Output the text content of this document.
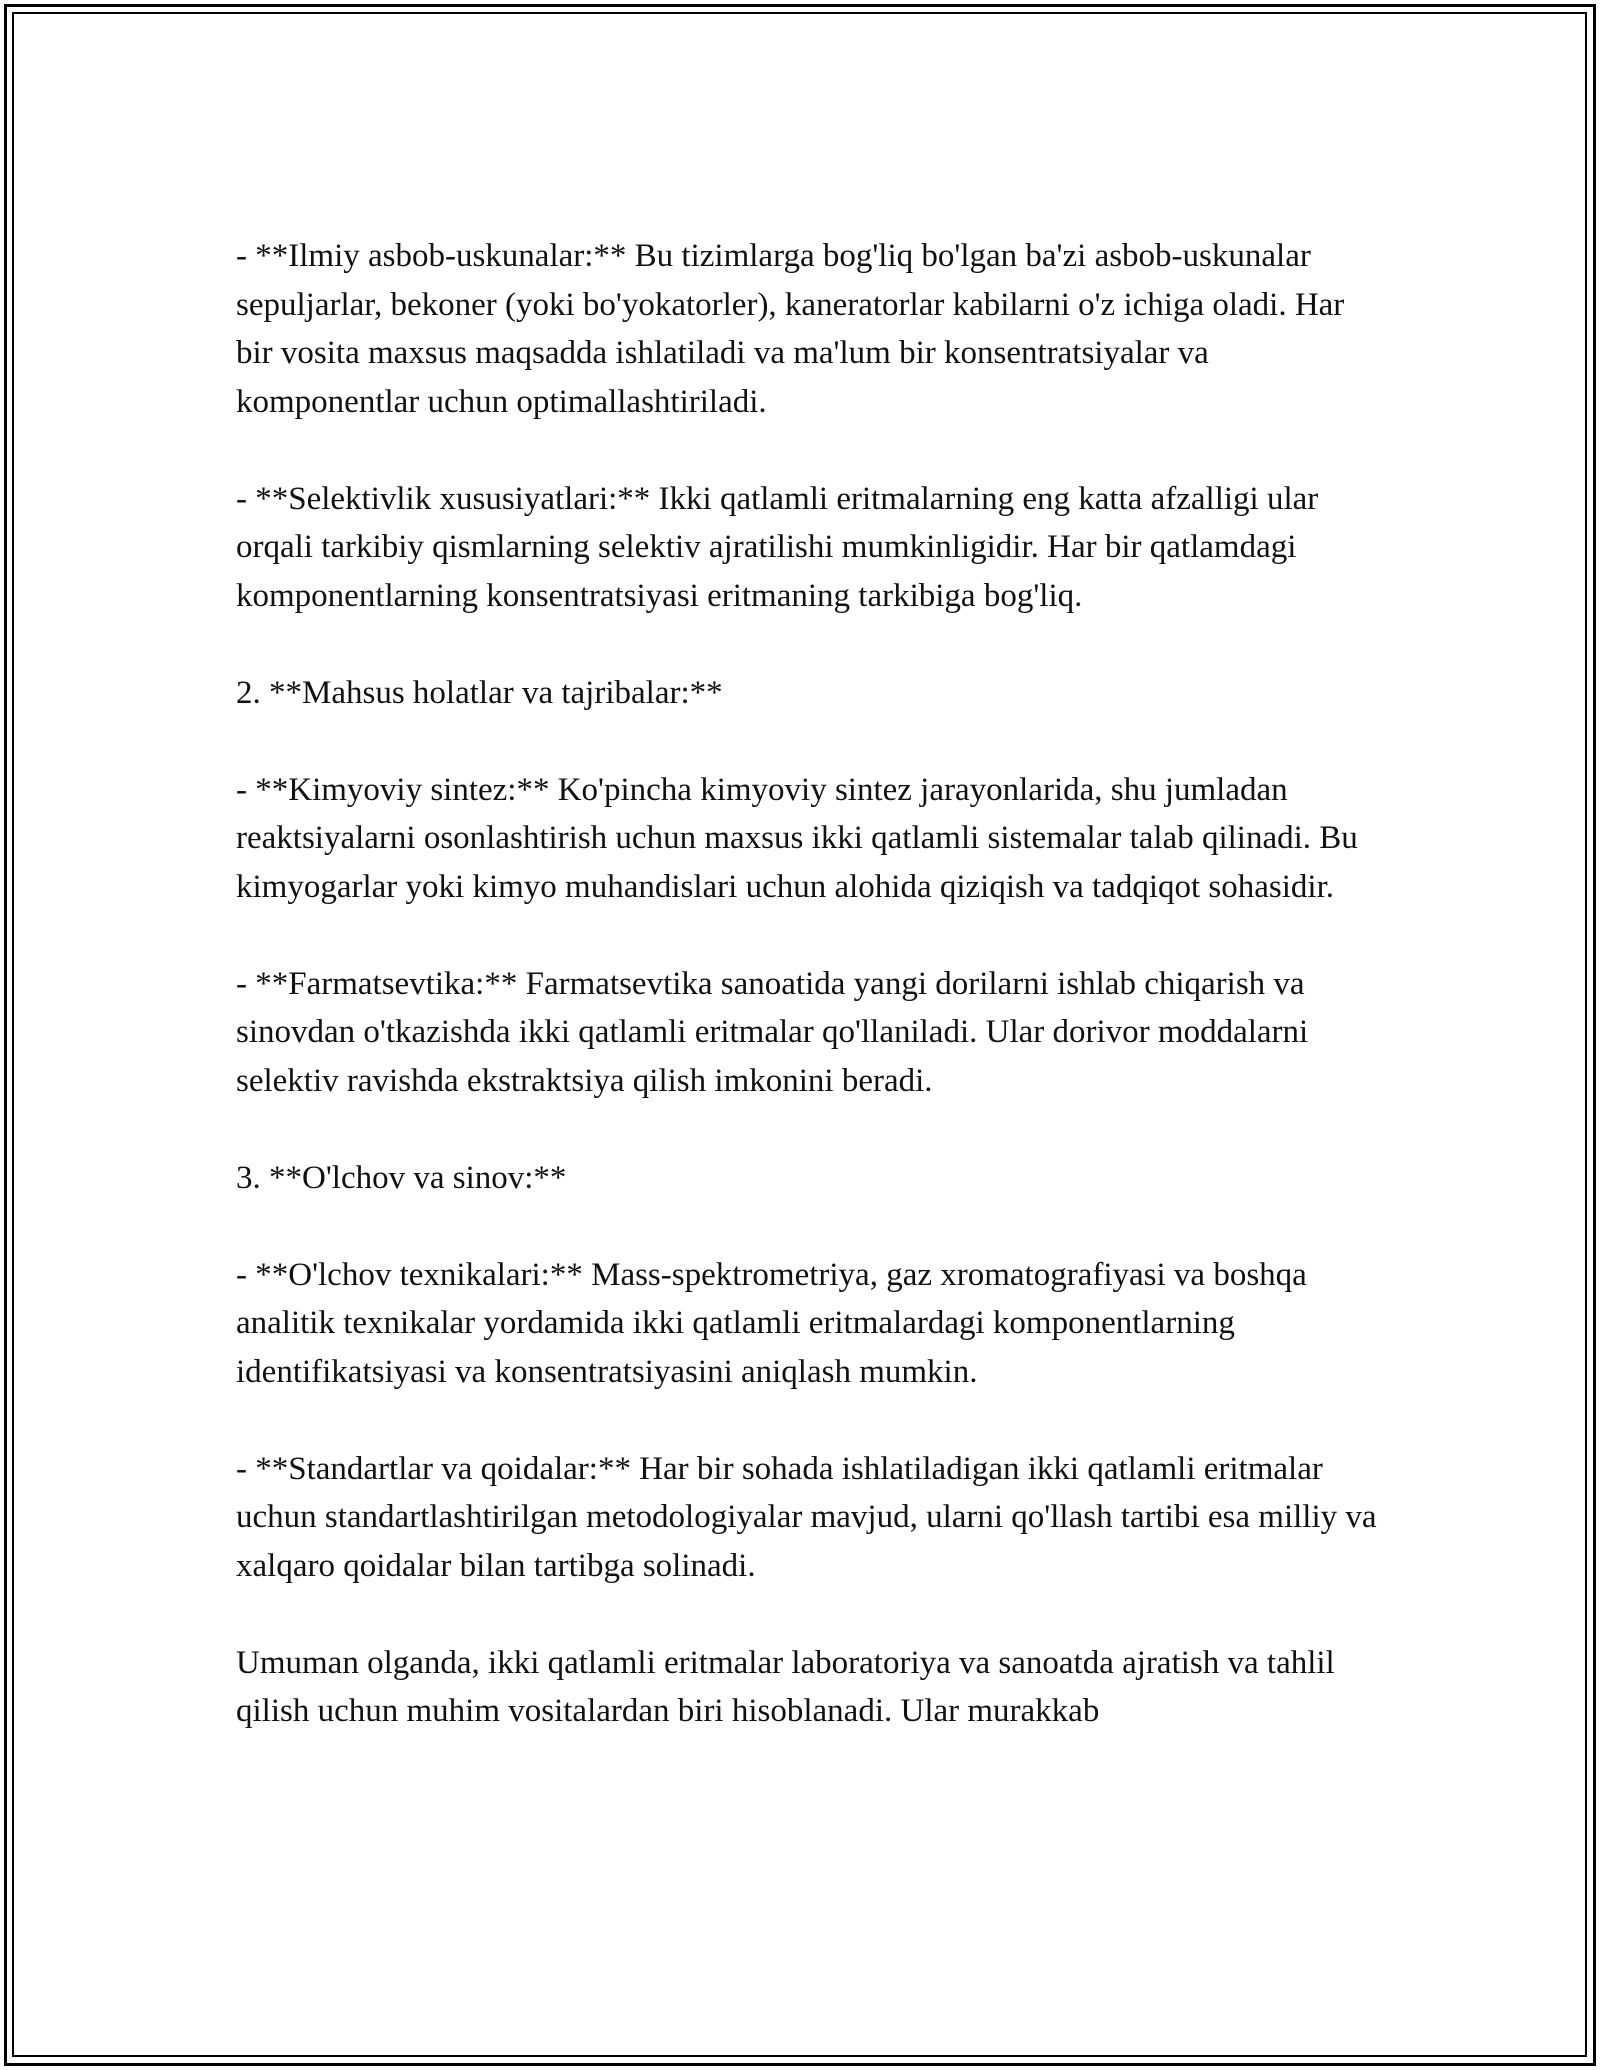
- **Ilmiy asbob-uskunalar:** Bu tizimlarga bog'liq bo'lgan ba'zi asbob-uskunalar sepuljarlar, bekoner (yoki bo'yokatorler), kaneratorlar kabilarni o'z ichiga oladi. Har bir vosita maxsus maqsadda ishlatiladi va ma'lum bir konsentratsiyalar va komponentlar uchun optimallashtiriladi.

- **Selektivlik xususiyatlari:** Ikki qatlamli eritmalarning eng katta afzalligi ular orqali tarkibiy qismlarning selektiv ajratilishi mumkinligidir. Har bir qatlamdagi komponentlarning konsentratsiyasi eritmaning tarkibiga bog'liq.

2. **Mahsus holatlar va tajribalar:**

- **Kimyoviy sintez:** Ko'pincha kimyoviy sintez jarayonlarida, shu jumladan reaktsiyalarni osonlashtirish uchun maxsus ikki qatlamli sistemalar talab qilinadi. Bu kimyogarlar yoki kimyo muhandislari uchun alohida qiziqish va tadqiqot sohasidir.

- **Farmatsevtika:** Farmatsevtika sanoatida yangi dorilarni ishlab chiqarish va sinovdan o'tkazishda ikki qatlamli eritmalar qo'llaniladi. Ular dorivor moddalarni selektiv ravishda ekstraktsiya qilish imkonini beradi.

3. **O'lchov va sinov:**

- **O'lchov texnikalari:** Mass-spektrometriya, gaz xromatografiyasi va boshqa analitik texnikalar yordamida ikki qatlamli eritmalardagi komponentlarning identifikatsiyasi va konsentratsiyasini aniqlash mumkin.

- **Standartlar va qoidalar:** Har bir sohada ishlatiladigan ikki qatlamli eritmalar uchun standartlashtirilgan metodologiyalar mavjud, ularni qo'llash tartibi esa milliy va xalqaro qoidalar bilan tartibga solinadi.

Umuman olganda, ikki qatlamli eritmalar laboratoriya va sanoatda ajratish va tahlil qilish uchun muhim vositalardan biri hisoblanadi. Ular murakkab
